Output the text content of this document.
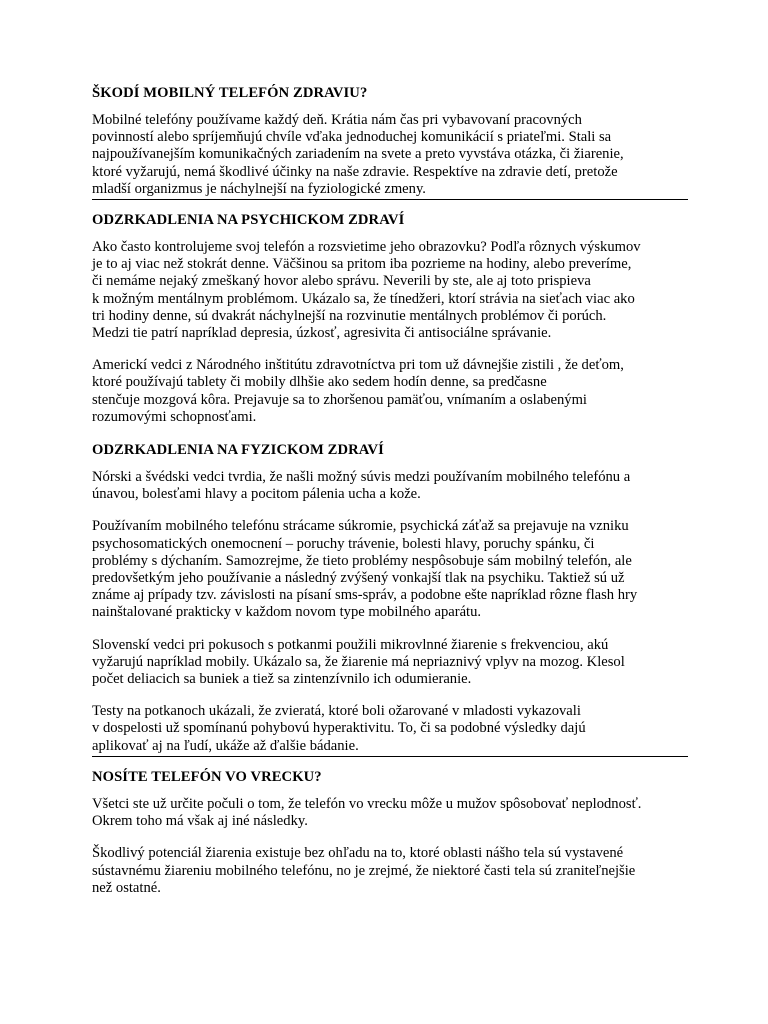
ŠKODÍ MOBILNÝ TELEFÓN ZDRAVIU?

Mobilné telefóny používame každý deň. Krátia nám čas pri vybavovaní pracovných
povinností alebo spríjemňujú chvíle vďaka jednoduchej komunikácií s priateľmi. Stali sa
najpoužívanejším komunikačných zariadením na svete a preto vyvstáva otázka, či žiarenie,
ktoré vyžarujú, nemá škodlivé účinky na naše zdravie. Respektíve na zdravie detí, pretože
mladší organizmus je náchylnejší na fyziologické zmeny.

ODZRKADLENIA NA PSYCHICKOM ZDRAVÍ

Ako často kontrolujeme svoj telefón a rozsvietime jeho obrazovku? Podľa rôznych výskumov
je to aj viac než stokrát denne. Väčšinou sa pritom iba pozrieme na hodiny, alebo preveríme,
či nemáme nejaký zmeškaný hovor alebo správu. Neverili by ste, ale aj toto prispieva
k možným mentálnym problémom. Ukázalo sa, že tínedžeri, ktorí strávia na sieťach viac ako
tri hodiny denne, sú dvakrát náchylnejší na rozvinutie mentálnych problémov či porúch.
Medzi tie patrí napríklad depresia, úzkosť, agresivita či antisociálne správanie.

Americkí vedci z Národného inštitútu zdravotníctva pri tom už dávnejšie zistili , že deťom,
ktoré používajú tablety či mobily dlhšie ako sedem hodín denne, sa predčasne
stenčuje mozgová kôra. Prejavuje sa to zhoršenou pamäťou, vnímaním a oslabenými
rozumovými schopnosťami.

ODZRKADLENIA NA FYZICKOM ZDRAVÍ

Nórski a švédski vedci tvrdia, že našli možný súvis medzi používaním mobilného telefónu a
únavou, bolesťami hlavy a pocitom pálenia ucha a kože.

Používaním mobilného telefónu strácame súkromie, psychická záťaž sa prejavuje na vzniku
psychosomatických onemocnení – poruchy trávenie, bolesti hlavy, poruchy spánku, či
problémy s dýchaním. Samozrejme, že tieto problémy nespôsobuje sám mobilný telefón, ale
predovšetkým jeho používanie a následný zvýšený vonkajší tlak na psychiku. Taktiež sú už
známe aj prípady tzv. závislosti na písaní sms-správ, a podobne ešte napríklad rôzne flash hry
nainštalované prakticky v každom novom type mobilného aparátu.

Slovenskí vedci pri pokusoch s potkanmi použili mikrovlnné žiarenie s frekvenciou, akú
vyžarujú napríklad mobily. Ukázalo sa, že žiarenie má nepriaznivý vplyv na mozog. Klesol
počet deliacich sa buniek a tiež sa zintenzívnilo ich odumieranie.

Testy na potkanoch ukázali, že zvieratá, ktoré boli ožarované v mladosti vykazovali
v dospelosti už spomínanú pohybovú hyperaktivitu. To, či sa podobné výsledky dajú
aplikovať aj na ľudí, ukáže až ďalšie bádanie.

NOSÍTE TELEFÓN VO VRECKU?

Všetci ste už určite počuli o tom, že telefón vo vrecku môže u mužov spôsobovať neplodnosť.
Okrem toho má však aj iné následky.

Škodlivý potenciál žiarenia existuje bez ohľadu na to, ktoré oblasti nášho tela sú vystavené
sústavnému žiareniu mobilného telefónu, no je zrejmé, že niektoré časti tela sú zraniteľnejšie
než ostatné.
